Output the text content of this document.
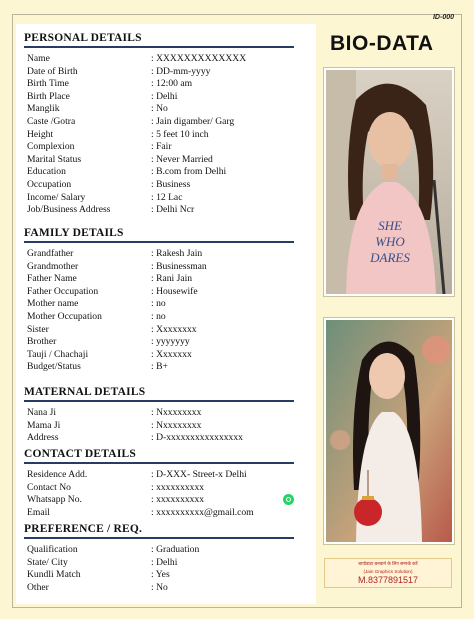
ID-000
BIO-DATA
PERSONAL DETAILS
Name	: XXXXXXXXXXXXX
Date of Birth	: DD-mm-yyyy
Birth Time	: 12:00 am
Birth Place	: Delhi
Manglik	: No
Caste /Gotra	: Jain digamber/ Garg
Height	: 5 feet 10 inch
Complexion	: Fair
Marital Status	: Never Married
Education	: B.com from Delhi
Occupation	: Business
Income/ Salary	: 12 Lac
Job/Business Address	: Delhi Ncr
FAMILY DETAILS
Grandfather	: Rakesh Jain
Grandmother	: Businessman
Father Name	: Rani Jain
Father Occupation	: Housewife
Mother name	: no
Mother Occupation	: no
Sister	: Xxxxxxxx
Brother	: yyyyyyy
Tauji / Chachaji	: Xxxxxxx
Budget/Status	: B+
MATERNAL DETAILS
Nana Ji	: Nxxxxxxxx
Mama Ji	: Nxxxxxxxx
Address	: D-xxxxxxxxxxxxxxxx
CONTACT DETAILS
Residence Add.	: D-XXX- Street-x Delhi
Contact No	: xxxxxxxxxx
Whatsapp No.	: xxxxxxxxxx
Email	: xxxxxxxxxx@gmail.com
PREFERENCE / REQ.
Qualification	: Graduation
State/ City	: Delhi
Kundli Match	: Yes
Other	: No
SHE
WHO
DARES
बायोडाटा बनवाने के लिए सम्पर्क करें
(Jain Graphics Solution)
M.8377891517
